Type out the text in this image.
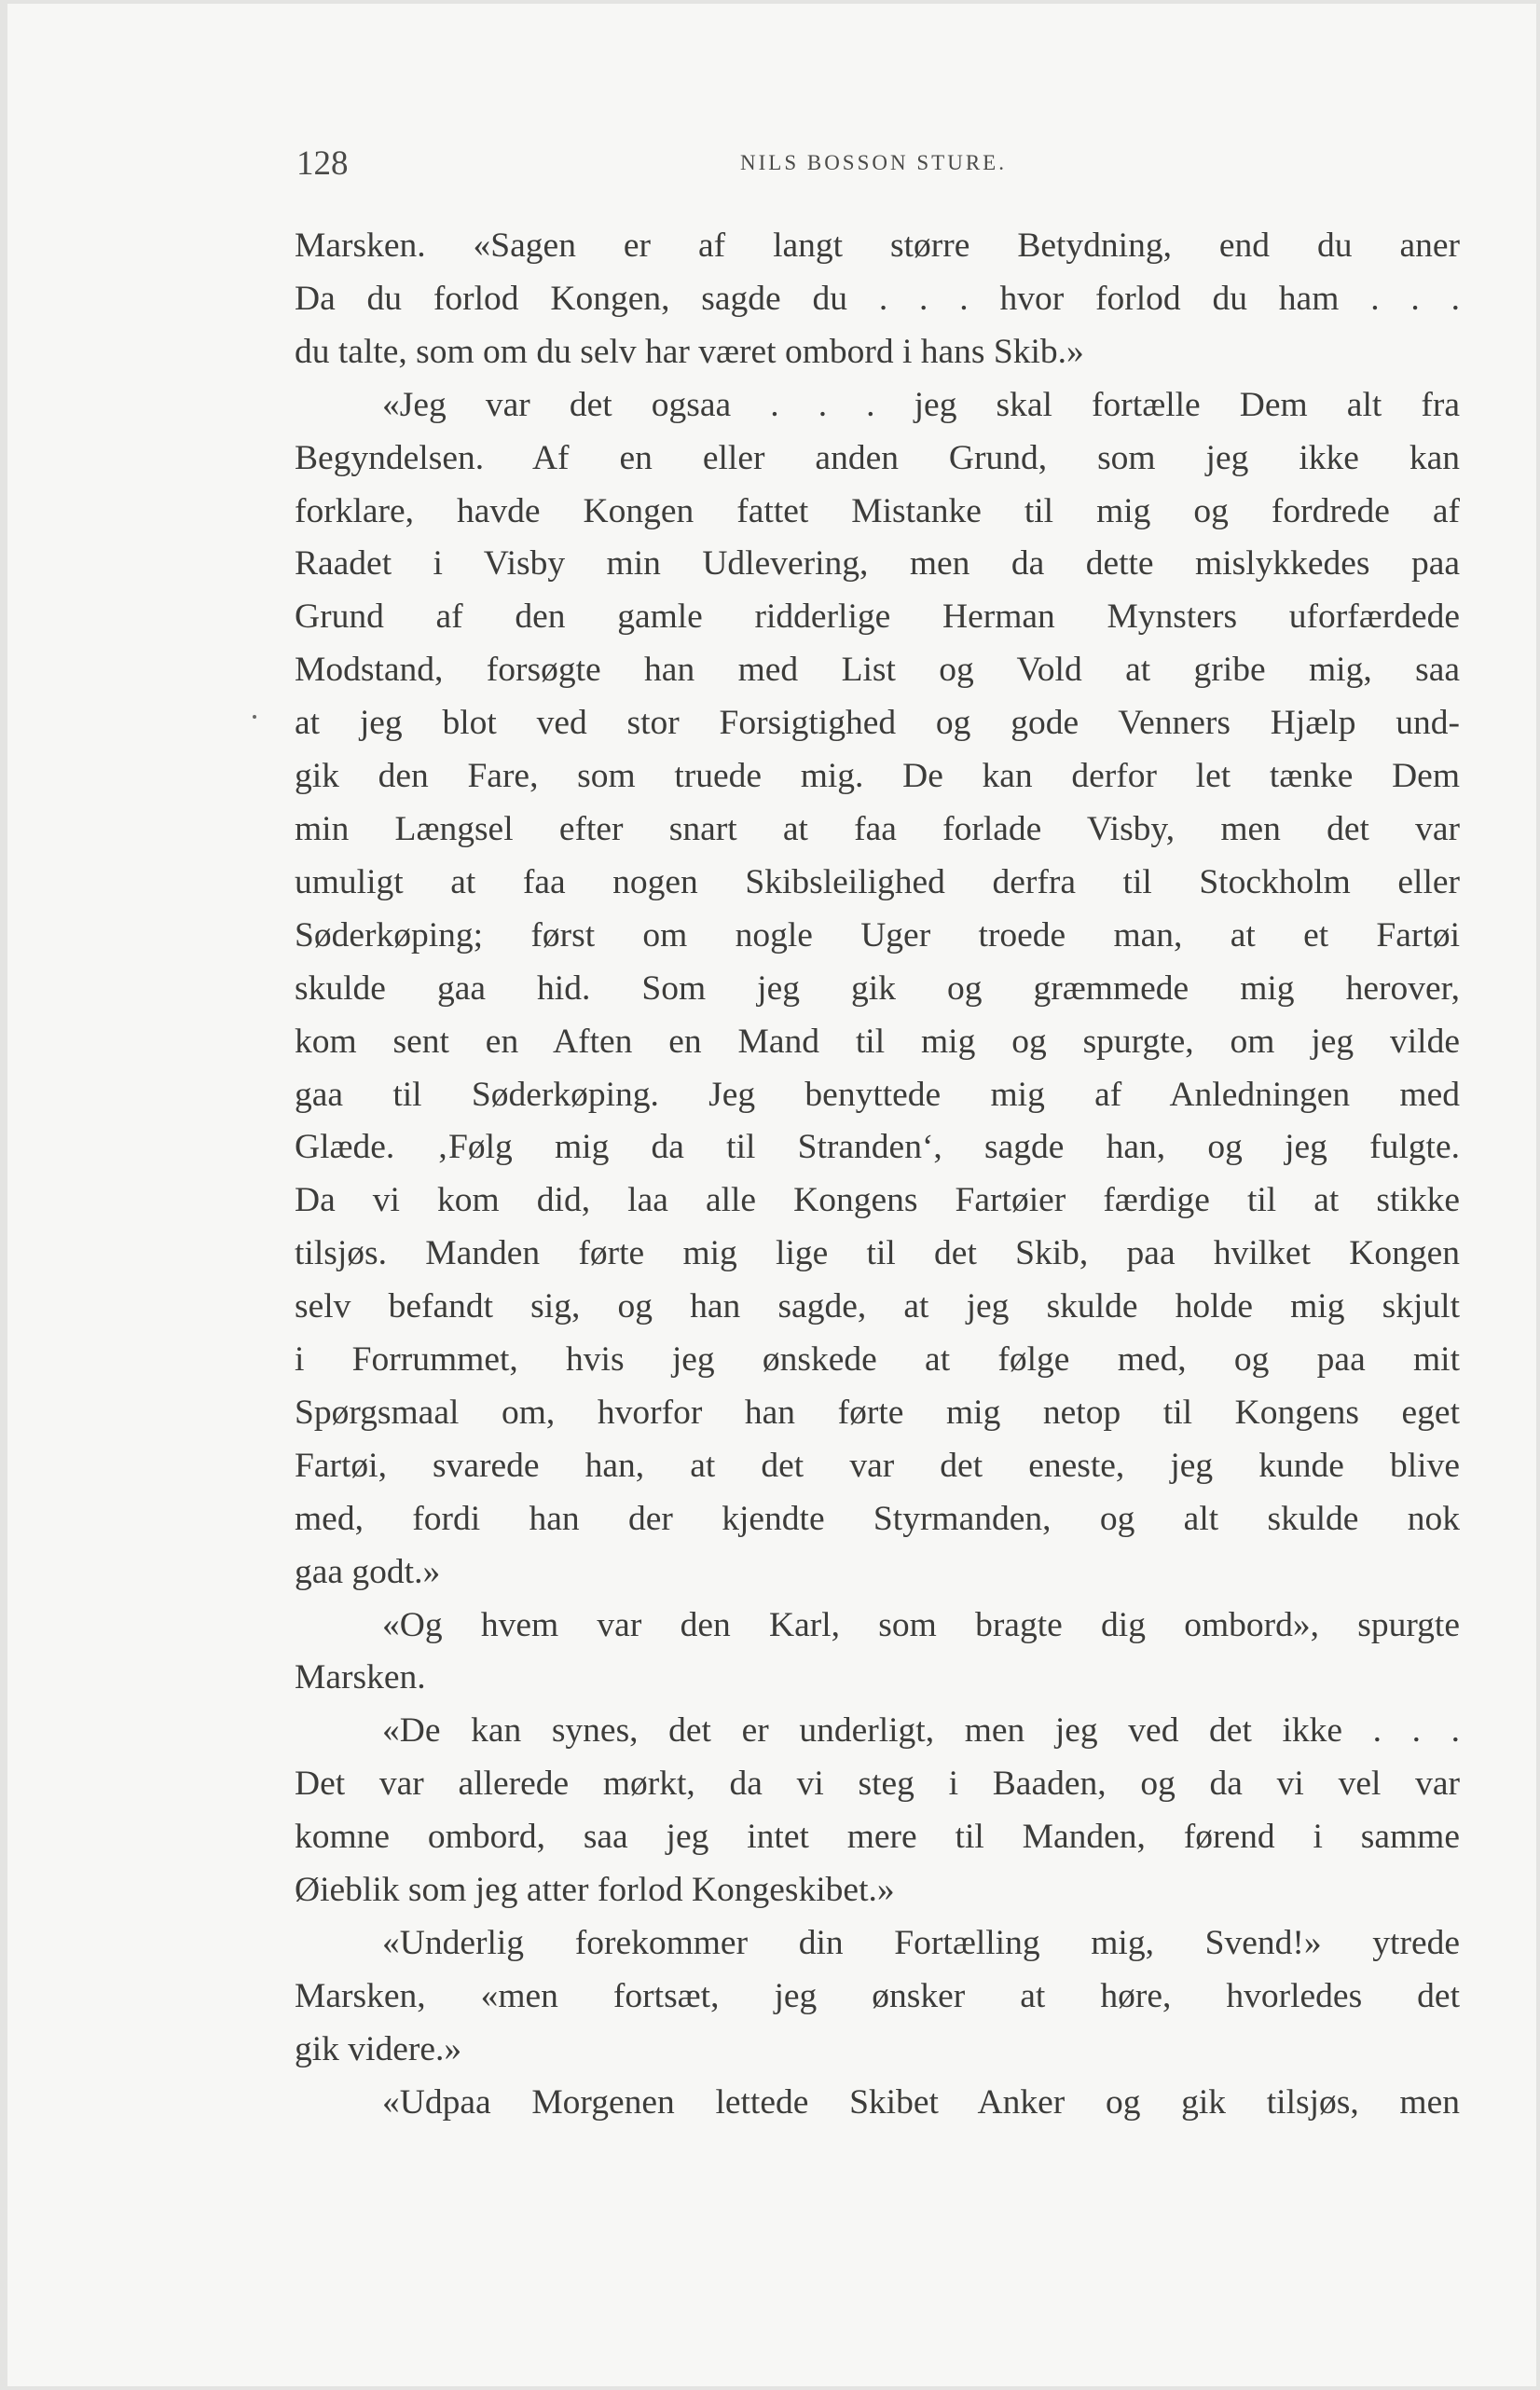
128	NILS BOSSON STURE.
Marsken. «Sagen er af langt større Betydning, end du aner
Da du forlod Kongen, sagde du . . . hvor forlod du ham . . .
du talte, som om du selv har været ombord i hans Skib.»
«Jeg var det ogsaa . . . jeg skal fortælle Dem alt fra
Begyndelsen. Af en eller anden Grund, som jeg ikke kan
forklare, havde Kongen fattet Mistanke til mig og fordrede af
Raadet i Visby min Udlevering, men da dette mislykkedes paa
Grund af den gamle ridderlige Herman Mynsters uforfærdede
Modstand, forsøgte han med List og Vold at gribe mig, saa
at jeg blot ved stor Forsigtighed og gode Venners Hjælp und-
gik den Fare, som truede mig. De kan derfor let tænke Dem
min Længsel efter snart at faa forlade Visby, men det var
umuligt at faa nogen Skibsleilighed derfra til Stockholm eller
Søderkøping; først om nogle Uger troede man, at et Fartøi
skulde gaa hid. Som jeg gik og græmmede mig herover,
kom sent en Aften en Mand til mig og spurgte, om jeg vilde
gaa til Søderkøping. Jeg benyttede mig af Anledningen med
Glæde. ‚Følg mig da til Stranden‘, sagde han, og jeg fulgte.
Da vi kom did, laa alle Kongens Fartøier færdige til at stikke
tilsjøs. Manden førte mig lige til det Skib, paa hvilket Kongen
selv befandt sig, og han sagde, at jeg skulde holde mig skjult
i Forrummet, hvis jeg ønskede at følge med, og paa mit
Spørgsmaal om, hvorfor han førte mig netop til Kongens eget
Fartøi, svarede han, at det var det eneste, jeg kunde blive
med, fordi han der kjendte Styrmanden, og alt skulde nok
gaa godt.»
«Og hvem var den Karl, som bragte dig ombord», spurgte
Marsken.
«De kan synes, det er underligt, men jeg ved det ikke . . .
Det var allerede mørkt, da vi steg i Baaden, og da vi vel var
komne ombord, saa jeg intet mere til Manden, førend i samme
Øieblik som jeg atter forlod Kongeskibet.»
«Underlig forekommer din Fortælling mig, Svend!» ytrede
Marsken, «men fortsæt, jeg ønsker at høre, hvorledes det
gik videre.»
«Udpaa Morgenen lettede Skibet Anker og gik tilsjøs, men
